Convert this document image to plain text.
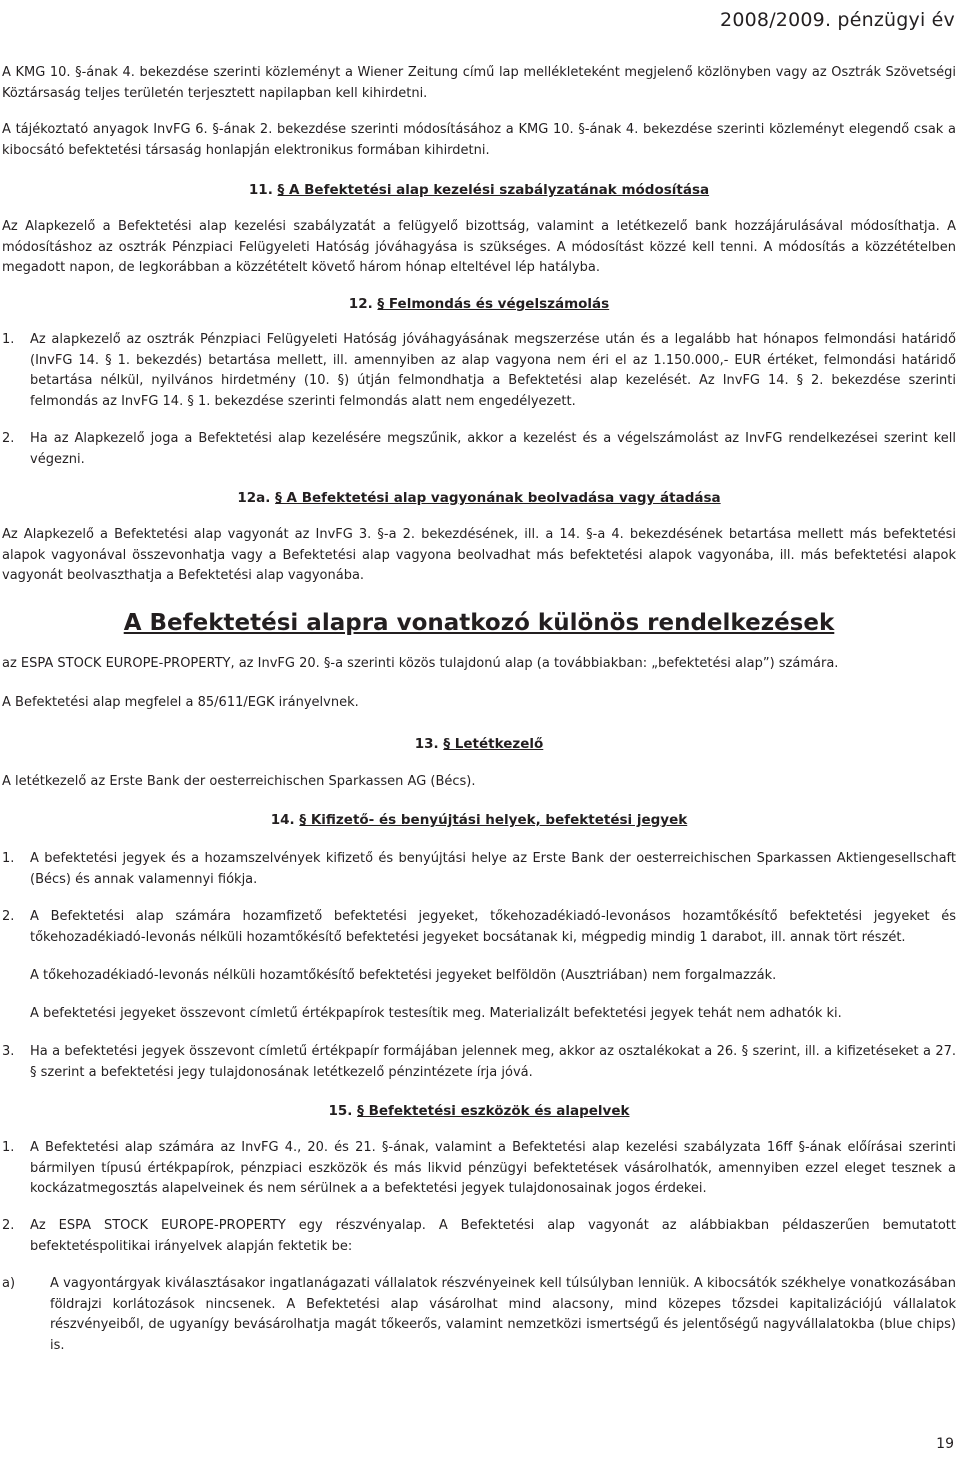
2008/2009. pénzügyi év

A KMG 10. §-ának 4. bekezdése szerinti közleményt a Wiener Zeitung című lap mellékleteként megjelenő közlönyben vagy az Osztrák Szövetségi Köztársaság teljes területén terjesztett napilapban kell kihirdetni.

A tájékoztató anyagok InvFG 6. §-ának 2. bekezdése szerinti módosításához a KMG 10. §-ának 4. bekezdése szerinti közleményt elegendő csak a kibocsátó befektetési társaság honlapján elektronikus formában kihirdetni.

11. § A Befektetési alap kezelési szabályzatának módosítása

Az Alapkezelő a Befektetési alap kezelési szabályzatát a felügyelő bizottság, valamint a letétkezelő bank hozzájárulásával módosíthatja. A módosításhoz az osztrák Pénzpiaci Felügyeleti Hatóság jóváhagyása is szükséges. A módosítást közzé kell tenni. A módosítás a közzétételben megadott napon, de legkorábban a közzétételt követő három hónap elteltével lép hatályba.

12. § Felmondás és végelszámolás
1. Az alapkezelő az osztrák Pénzpiaci Felügyeleti Hatóság jóváhagyásának megszerzése után és a legalább hat hónapos felmondási határidő (InvFG 14. § 1. bekezdés) betartása mellett, ill. amennyiben az alap vagyona nem éri el az 1.150.000,- EUR értéket, felmondási határidő betartása nélkül, nyilvános hirdetmény (10. §) útján felmondhatja a Befektetési alap kezelését. Az InvFG 14. § 2. bekezdése szerinti felmondás az InvFG 14. § 1. bekezdése szerinti felmondás alatt nem engedélyezett.
2. Ha az Alapkezelő joga a Befektetési alap kezelésére megszűnik, akkor a kezelést és a végelszámolást az InvFG rendelkezései szerint kell végezni.
12a. § A Befektetési alap vagyonának beolvadása vagy átadása

Az Alapkezelő a Befektetési alap vagyonát az InvFG 3. §-a 2. bekezdésének, ill. a 14. §-a 4. bekezdésének betartása mellett más befektetési alapok vagyonával összevonhatja vagy a Befektetési alap vagyona beolvadhat más befektetési alapok vagyonába, ill. más befektetési alapok vagyonát beolvaszthatja a Befektetési alap vagyonába.

A Befektetési alapra vonatkozó különös rendelkezések

az ESPA STOCK EUROPE-PROPERTY, az InvFG 20. §-a szerinti közös tulajdonú alap (a továbbiakban: „befektetési alap”) számára.

A Befektetési alap megfelel a 85/611/EGK irányelvnek.

13. § Letétkezelő

A letétkezelő az Erste Bank der oesterreichischen Sparkassen AG (Bécs).

14. § Kifizető- és benyújtási helyek, befektetési jegyek
1. A befektetési jegyek és a hozamszelvények kifizető és benyújtási helye az Erste Bank der oesterreichischen Sparkassen Aktiengesellschaft (Bécs) és annak valamennyi fiókja.
2. A Befektetési alap számára hozamfizető befektetési jegyeket, tőkehozadékiadó-levonásos hozamtőkésítő befektetési jegyeket és tőkehozadékiadó-levonás nélküli hozamtőkésítő befektetési jegyeket bocsátanak ki, mégpedig mindig 1 darabot, ill. annak tört részét.

A tőkehozadékiadó-levonás nélküli hozamtőkésítő befektetési jegyeket belföldön (Ausztriában) nem forgalmazzák.

A befektetési jegyeket összevont címletű értékpapírok testesítik meg. Materializált befektetési jegyek tehát nem adhatók ki.

3. Ha a befektetési jegyek összevont címletű értékpapír formájában jelennek meg, akkor az osztalékokat a 26. § szerint, ill. a kifizetéseket a 27. § szerint a befektetési jegy tulajdonosának letétkezelő pénzintézete írja jóvá.
15. § Befektetési eszközök és alapelvek
1. A Befektetési alap számára az InvFG 4., 20. és 21. §-ának, valamint a Befektetési alap kezelési szabályzata 16ff §-ának előírásai szerinti bármilyen típusú értékpapírok, pénzpiaci eszközök és más likvid pénzügyi befektetések vásárolhatók, amennyiben ezzel eleget tesznek a kockázatmegosztás alapelveinek és nem sérülnek a a befektetési jegyek tulajdonosainak jogos érdekei.
2. Az ESPA STOCK EUROPE-PROPERTY egy részvényalap. A Befektetési alap vagyonát az alábbiakban példaszerűen bemutatott befektetéspolitikai irányelvek alapján fektetik be:
a)	A vagyontárgyak kiválasztásakor ingatlanágazati vállalatok részvényeinek kell túlsúlyban lenniük. A kibocsátók székhelye vonatkozásában földrajzi korlátozások nincsenek. A Befektetési alap vásárolhat mind alacsony, mind közepes tőzsdei kapitalizációjú vállalatok részvényeiből, de ugyanígy bevásárolhatja magát tőkeerős, valamint nemzetközi ismertségű és jelentőségű nagyvállalatokba (blue chips) is.
19
